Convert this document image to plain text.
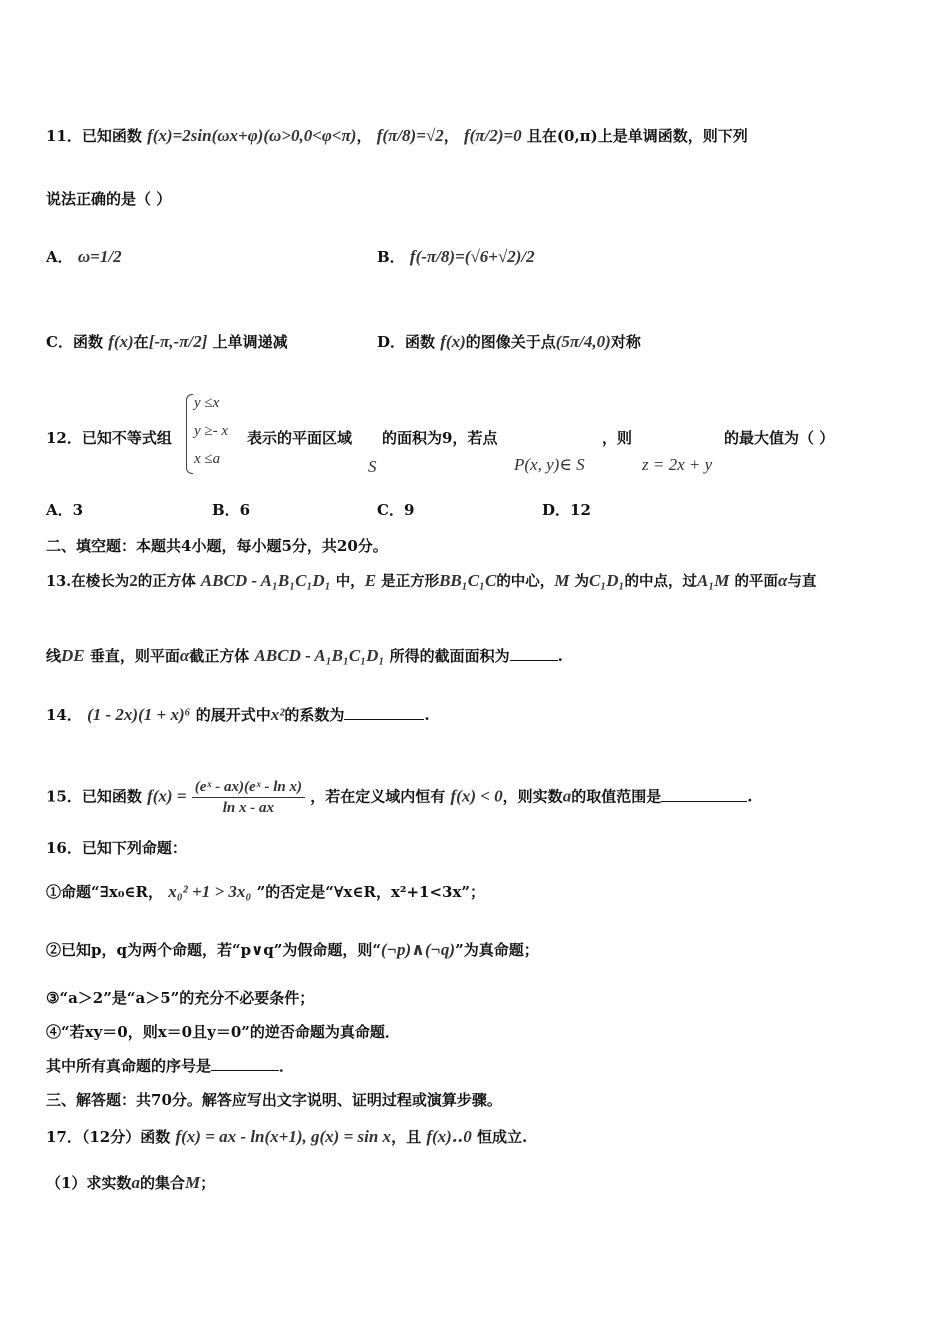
11．已知函数 f(x)=2sin(ωx+φ)(ω>0,0<φ<π)， f(π/8)=√2， f(π/2)=0 且在(0,π)上是单调函数，则下列
说法正确的是（ ）
A． ω=1/2	B． f(-π/8)=(√6+√2)/2
C．函数 f(x)在[-π,-π/2] 上单调递减	D．函数 f(x)的图像关于点(5π/4,0)对称
y ≤x
y ≥- x
x ≤a
12．已知不等式组	表示的平面区域 的面积为9，若点	，则	的最大值为（ ）
S	P(x, y)∈ S	z = 2x + y
A．3	B．6	C．9	D．12
二、填空题：本题共4小题，每小题5分，共20分。
13.在棱长为2的正方体 ABCD - A₁B₁C₁D₁ 中，E 是正方形BB₁C₁C的中心，M 为C₁D₁的中点，过A₁M 的平面α与直
线DE 垂直，则平面α截正方体 ABCD - A₁B₁C₁D₁ 所得的截面面积为	.
14． (1 - 2x)(1 + x)⁶ 的展开式中x²的系数为	.
15．已知函数 $f(x) = \frac{\text{(eˣ - ax)(eˣ - ln x)}}{\text{ln x - ax}}$ ，若在定义域内恒有 f(x) < 0，则实数a的取值范围是	.
16．已知下列命题：
①命题“∃x₀∈R， x₀² +1 > 3x₀ ”的否定是“∀x∈R，x²+1<3x”；
②已知p，q为两个命题，若“p∨q”为假命题，则“(¬p)∧(¬q)”为真命题；
③“a＞2”是“a＞5”的充分不必要条件；
④“若xy＝0，则x＝0且y＝0”的逆否命题为真命题．
其中所有真命题的序号是	．
三、解答题：共70分。解答应写出文字说明、证明过程或演算步骤。
17．（12分）函数 f(x) = ax - ln(x+1), g(x) = sin x，且 f(x)‥0 恒成立.
（1）求实数a的集合M；
